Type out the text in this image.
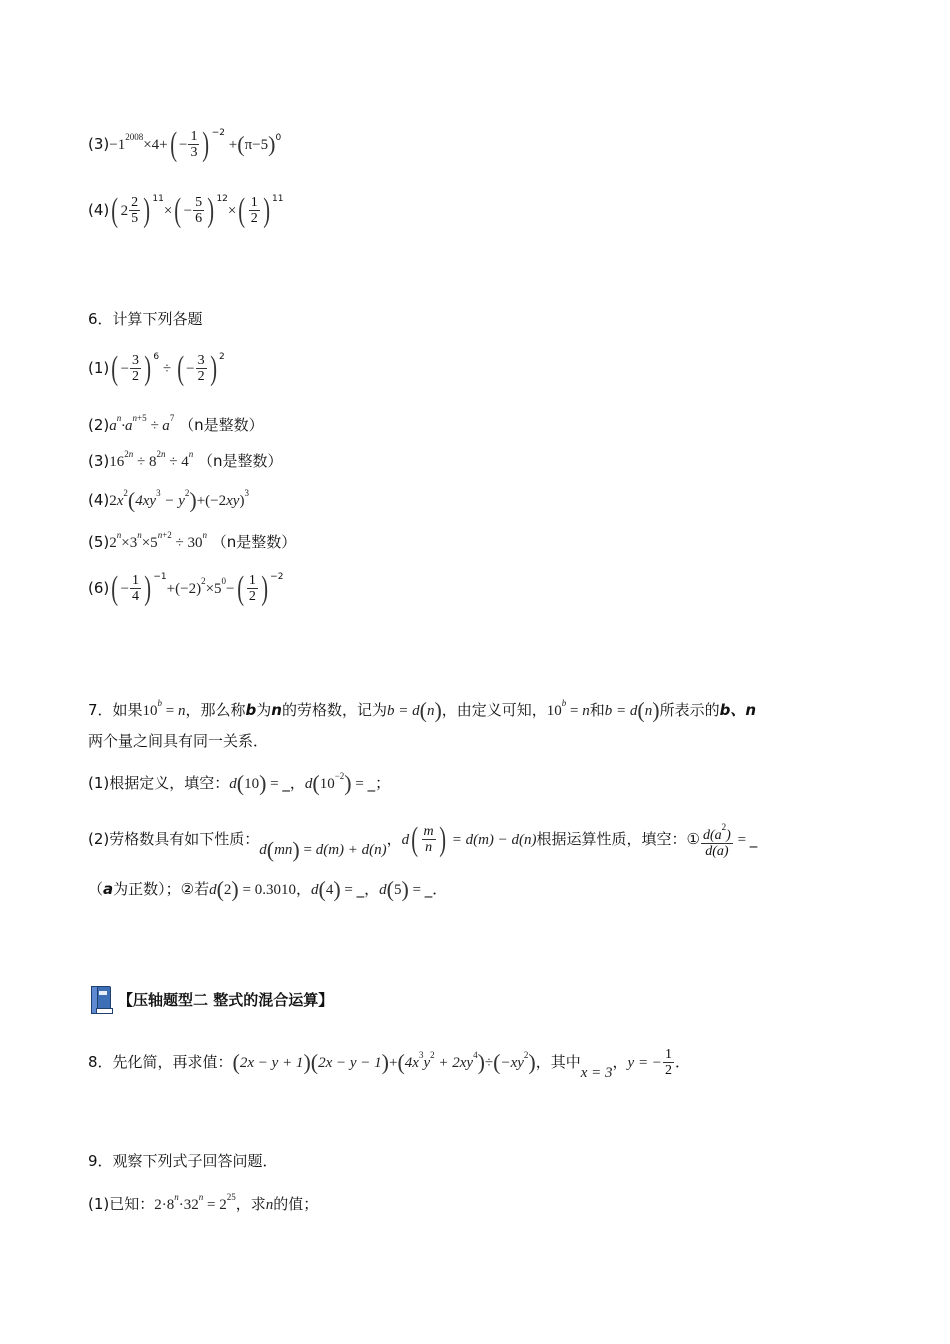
$(3)-1^{2008}\times 4+( - \frac{1}{3}$ ) $^{-2} +(\pi-5)^0$
(4)( $2 \frac{2}{5}$ ) $^{11}\times( - \frac{5}{6}$ ) $^{12}\times( \frac{1}{2}$ ) $^{11}$
6．计算下列各题
$(1)( - \frac{3}{2}$ ) $^6$ ÷ ( − $\frac{3}{2}$ ) $^2$
$(2)a^n\cdot a^{n+5} \div a^7$ （n是整数）
$(3)16^{2n} \div 8^{2n} \div 4^n$ （n是整数）
$(4)2x^2(4xy^3 - y^2)+(-2xy)^3$
$(5)2^n\times 3^n\times 5^{n+2} \div 30^n$ （n是整数）
$(6)( - \frac{1}{4}$ ) $^{-1}+(-2)^2\times 5^0-( \frac{1}{2}$ ) $^{-2}$
7．如果$10^b = n$，那么称b为n的劳格数，记为b = d(n)，由定义可知，$10^b = n$和b = d(n)所表示的b、n
两个量之间具有同一关系．
(1)根据定义，填空：d(10) = _，$d(10^{-2})$ = _；
(2)劳格数具有如下性质：d(mn) = d(m) + d(n)，$d( \frac{m}{n}$ ) = d(m) − d(n)根据运算性质，填空：① $\frac{d(a^2)}{d(a)}$ = _
（a为正数）；②若d(2) = 0.3010，d(4) = _，d(5) = _．
【压轴题型二 整式的混合运算】
8．先化简，再求值：$(2x - y + 1)(2x - y - 1)+(4x^3y^2 + 2xy^4)\div(-xy^2)$，其中x = 3，y = − $\frac{1}{2}$ ．
9．观察下列式子回答问题．
(1)已知：$2\cdot 8^n\cdot 32^n = 2^{25}$，求n的值；
